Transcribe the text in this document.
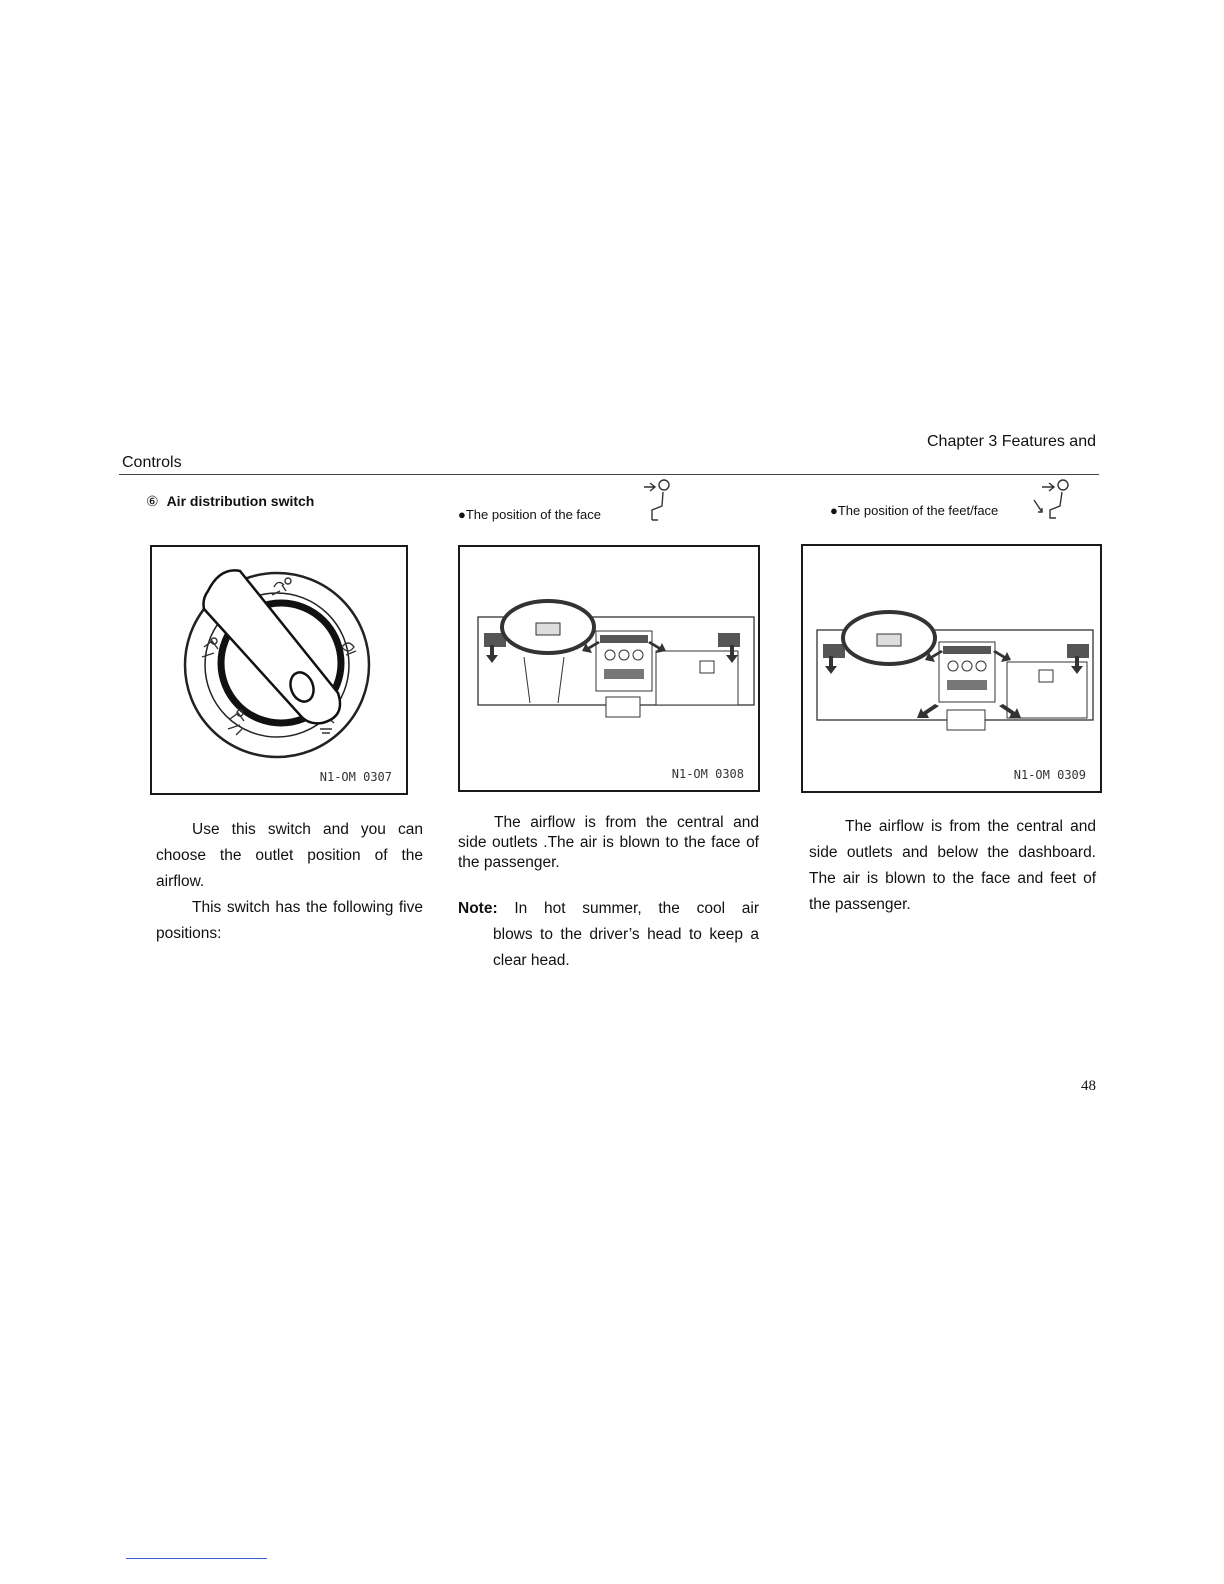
Chapter 3 Features and
Controls
⑥ Air distribution switch
●The position of the face	●The position of the feet/face
N1-OM 0307	N1-OM 0308	N1-OM 0309
Use this switch and you can choose the outlet position of the airflow.
This switch has the following five positions:
The airflow is from the central and side outlets .The air is blown to the face of the passenger.
Note: In hot summer, the cool air
blows to the driver’s head to keep a clear head.
The airflow is from the central and side outlets and below the dashboard. The air is blown to the face and feet of the passenger.
48
